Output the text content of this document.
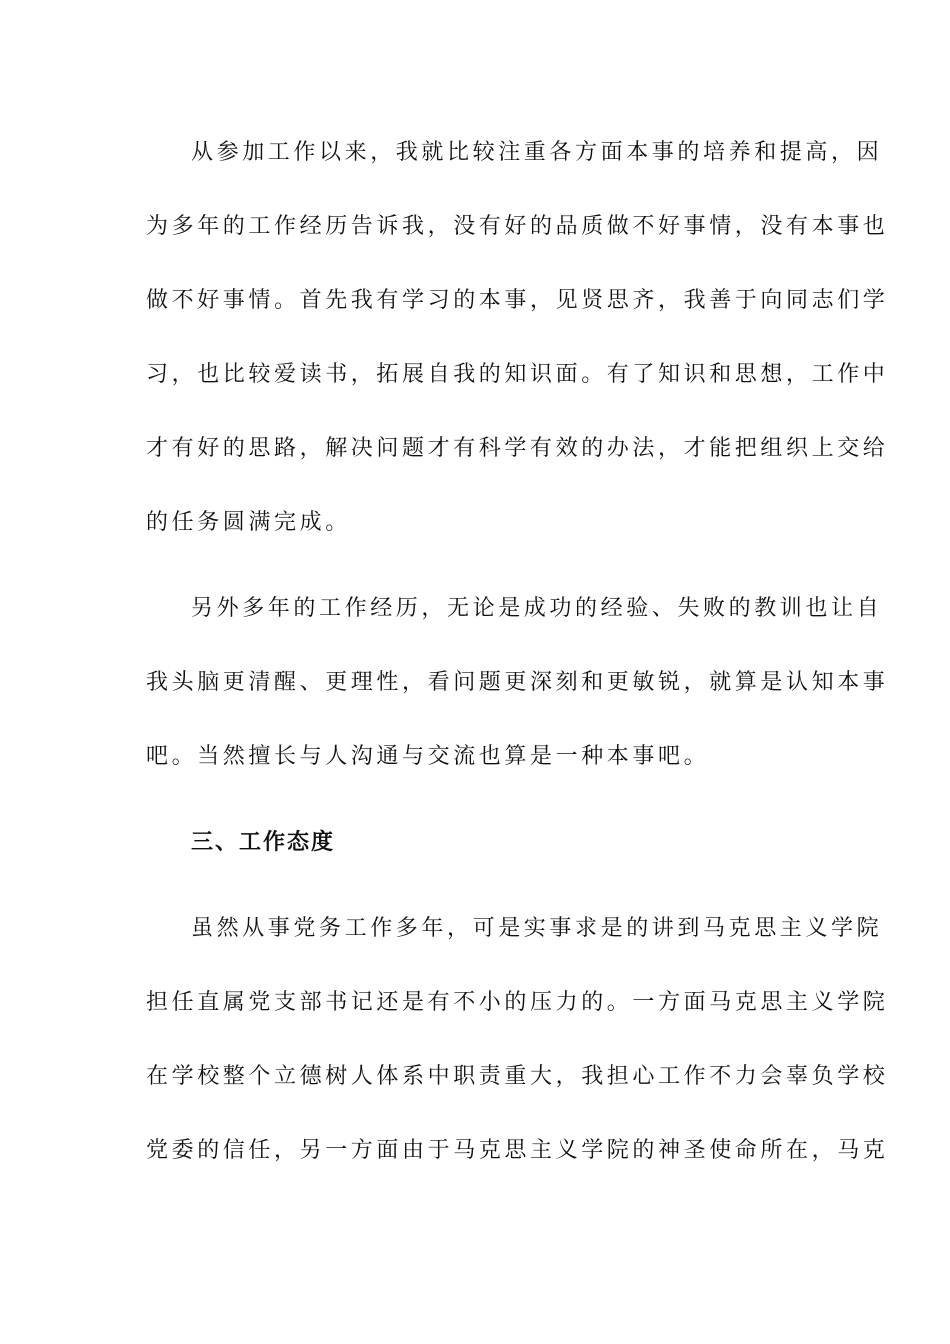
从参加工作以来，我就比较注重各方面本事的培养和提高，因
为多年的工作经历告诉我，没有好的品质做不好事情，没有本事也
做不好事情。首先我有学习的本事，见贤思齐，我善于向同志们学
习，也比较爱读书，拓展自我的知识面。有了知识和思想，工作中
才有好的思路，解决问题才有科学有效的办法，才能把组织上交给
的任务圆满完成。
另外多年的工作经历，无论是成功的经验、失败的教训也让自
我头脑更清醒、更理性，看问题更深刻和更敏锐，就算是认知本事
吧。当然擅长与人沟通与交流也算是一种本事吧。
三、工作态度
虽然从事党务工作多年，可是实事求是的讲到马克思主义学院
担任直属党支部书记还是有不小的压力的。一方面马克思主义学院
在学校整个立德树人体系中职责重大，我担心工作不力会辜负学校
党委的信任，另一方面由于马克思主义学院的神圣使命所在，马克
